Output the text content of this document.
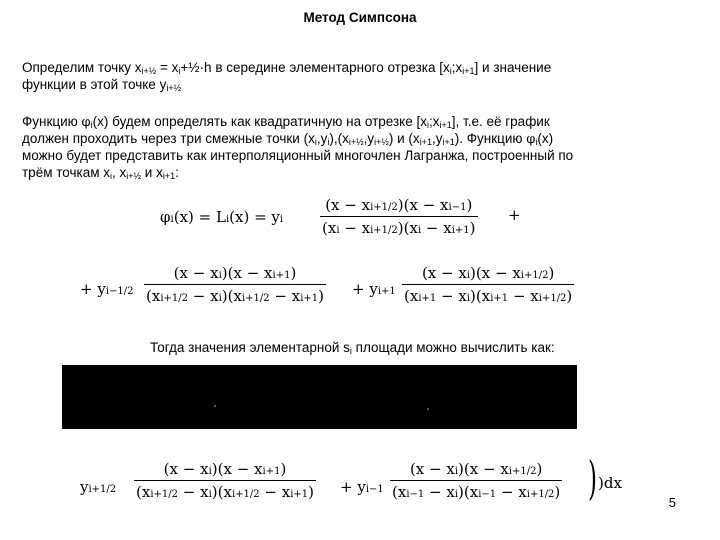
Метод Симпсона
Определим точку $x_{i+\frac{1}{2}}$ = $x_i+\frac{1}{2}\cdot h$ в середине элементарного отрезка $[x_i;x_{i+1}]$ и значение
функции в этой точке $y_{i+\frac{1}{2}}$
Функцию $\varphi_i(x)$ будем определять как квадратичную на отрезке $[x_i;x_{i+1}]$, т.е. её график
должен проходить через три смежные точки $(x_i,y_i),(x_{i+\frac{1}{2}},y_{i+\frac{1}{2}})$ и $(x_{i+1},y_{i+1})$. Функцию $\varphi_i(x)$
можно будет представить как интерполяционный многочлен Лагранжа, построенный по
трём точкам $x_i$, $x_{i+\frac{1}{2}}$ и $x_{i+1}$:
φi(x) = Li(x) = yi $\frac{(x - xi+1/2)(x - xi-1)}{(xi - xi+1/2)(xi - xi+1)}$ +
+ $yi-1/2 \frac{(x - xi)(x - xi+1)}{(xi+1/2 - xi)(xi+1/2 - xi+1)} + yi+1 \frac{(x - xi)(x - xi+1/2)}{(xi+1 - xi)(xi+1 - xi+1/2)}$
Тогда значения элементарной $s_i$ площади можно вычислить как:
$yi+1/2 \frac{(x - xi)(x - xi+1)}{(xi+1/2 - xi)(xi+1/2 - xi+1)} + yi-1 \frac{(x - xi)(x - xi+1/2)}{(xi-1 - xi)(xi-1 - xi+1/2)}$ ) )dx
5
